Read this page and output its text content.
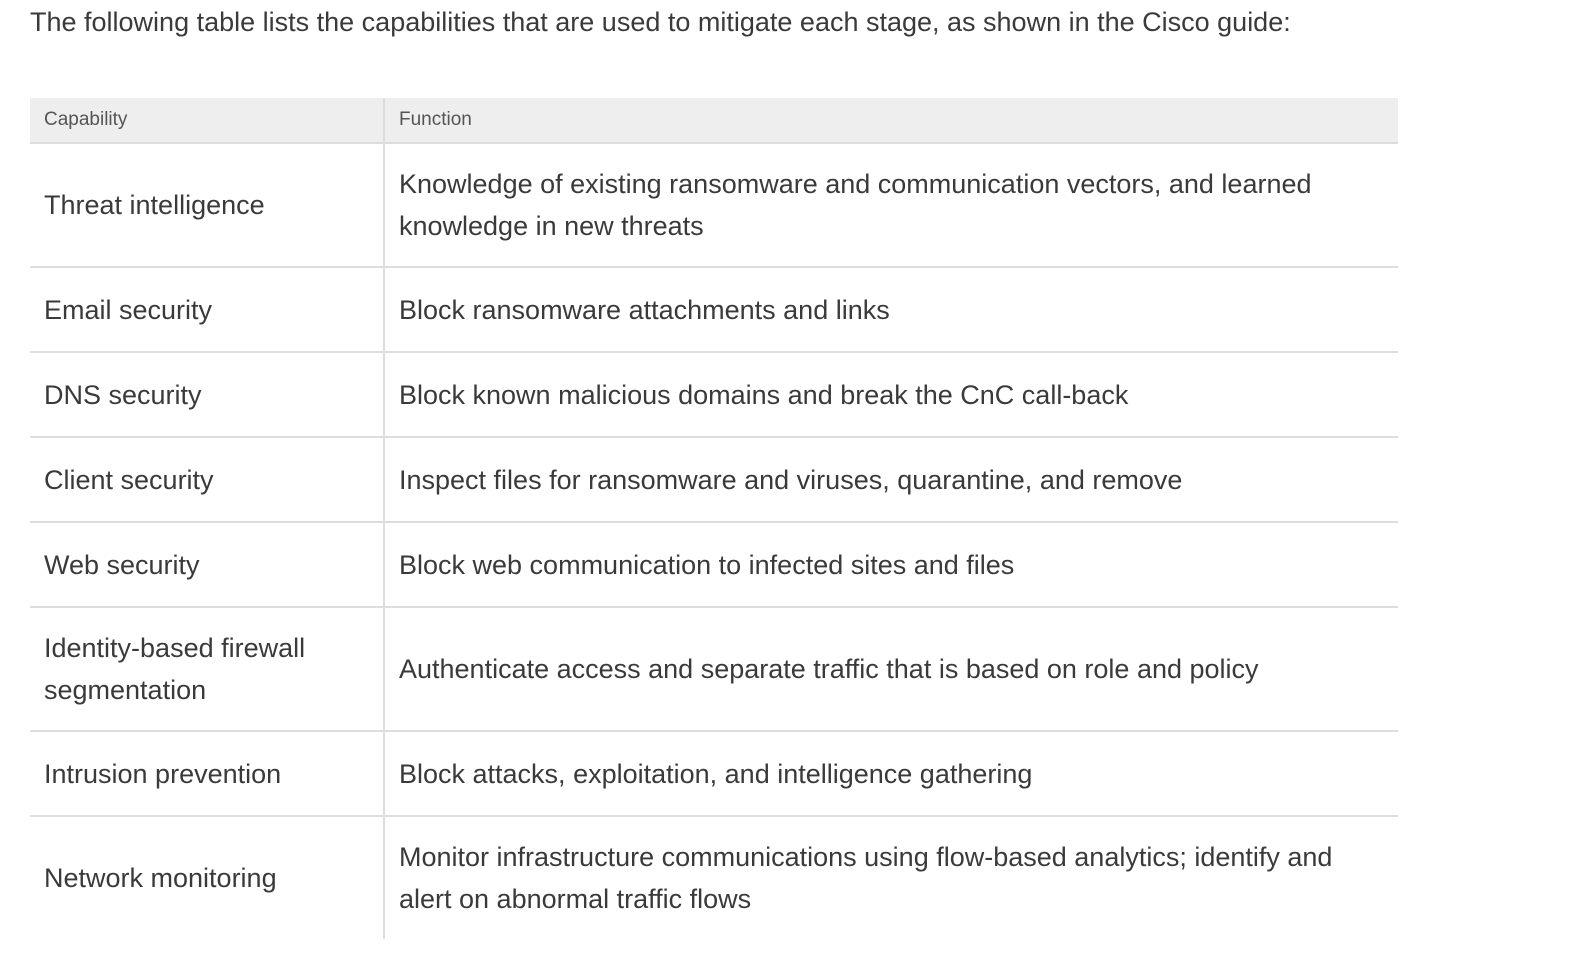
The following table lists the capabilities that are used to mitigate each stage, as shown in the Cisco guide:

Capability	Function
Threat intelligence	Knowledge of existing ransomware and communication vectors, and learned knowledge in new threats
Email security	Block ransomware attachments and links
DNS security	Block known malicious domains and break the CnC call-back
Client security	Inspect files for ransomware and viruses, quarantine, and remove
Web security	Block web communication to infected sites and files
Identity-based firewall segmentation	Authenticate access and separate traffic that is based on role and policy
Intrusion prevention	Block attacks, exploitation, and intelligence gathering
Network monitoring	Monitor infrastructure communications using flow-based analytics; identify and alert on abnormal traffic flows
